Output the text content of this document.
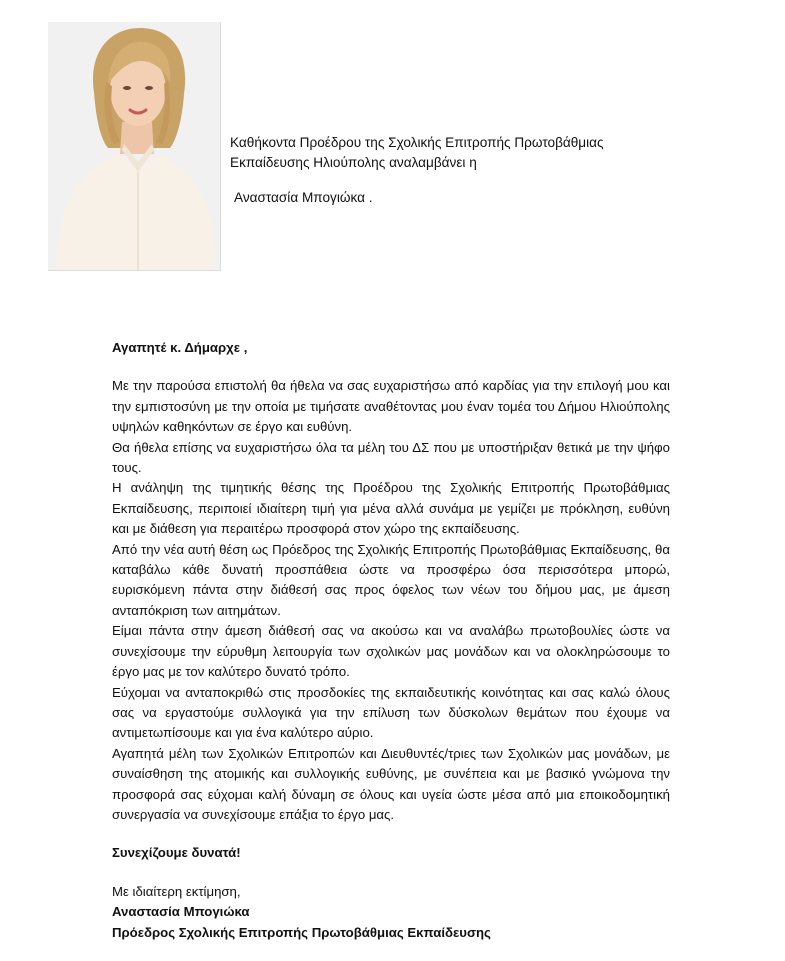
Καθήκοντα Προέδρου της Σχολικής Επιτροπής Πρωτοβάθμιας

Εκπαίδευσης Ηλιούπολης αναλαμβάνει η

Αναστασία Μπογιώκα .

Αγαπητέ κ. Δήμαρχε ,

Με την παρούσα επιστολή θα ήθελα να σας ευχαριστήσω από καρδίας για την επιλογή μου και την εμπιστοσύνη με την οποία με τιμήσατε αναθέτοντας μου έναν τομέα του Δήμου Ηλιούπολης υψηλών καθηκόντων σε έργο και ευθύνη.

Θα ήθελα επίσης να ευχαριστήσω όλα τα μέλη του ΔΣ που με υποστήριξαν θετικά με την ψήφο τους.

Η ανάληψη της τιμητικής θέσης της Προέδρου της Σχολικής Επιτροπής Πρωτοβάθμιας Εκπαίδευσης, περιποιεί ιδιαίτερη τιμή για μένα αλλά συνάμα με γεμίζει με πρόκληση, ευθύνη και με διάθεση για περαιτέρω προσφορά στον χώρο της εκπαίδευσης.

Από την νέα αυτή θέση ως Πρόεδρος της Σχολικής Επιτροπής Πρωτοβάθμιας Εκπαίδευσης, θα καταβάλω κάθε δυνατή προσπάθεια ώστε να προσφέρω όσα περισσότερα μπορώ, ευρισκόμενη πάντα στην διάθεσή σας προς όφελος των νέων του δήμου μας, με άμεση ανταπόκριση των αιτημάτων.

Είμαι πάντα στην άμεση διάθεσή σας να ακούσω και να αναλάβω πρωτοβουλίες ώστε να συνεχίσουμε την εύρυθμη λειτουργία των σχολικών μας μονάδων και να ολοκληρώσουμε το έργο μας με τον καλύτερο δυνατό τρόπο.

Εύχομαι να ανταποκριθώ στις προσδοκίες της εκπαιδευτικής κοινότητας και σας καλώ όλους σας να εργαστούμε συλλογικά για την επίλυση των δύσκολων θεμάτων που έχουμε να αντιμετωπίσουμε και για ένα καλύτερο αύριο.

Αγαπητά μέλη των Σχολικών Επιτροπών και Διευθυντές/τριες των Σχολικών μας μονάδων, με συναίσθηση της ατομικής και συλλογικής ευθύνης, με συνέπεια και με βασικό γνώμονα την προσφορά σας εύχομαι καλή δύναμη σε όλους και υγεία ώστε μέσα από μια εποικοδομητική συνεργασία να συνεχίσουμε επάξια το έργο μας.

Συνεχίζουμε δυνατά!

Με ιδιαίτερη εκτίμηση,

Αναστασία Μπογιώκα

Πρόεδρος Σχολικής Επιτροπής Πρωτοβάθμιας Εκπαίδευσης
